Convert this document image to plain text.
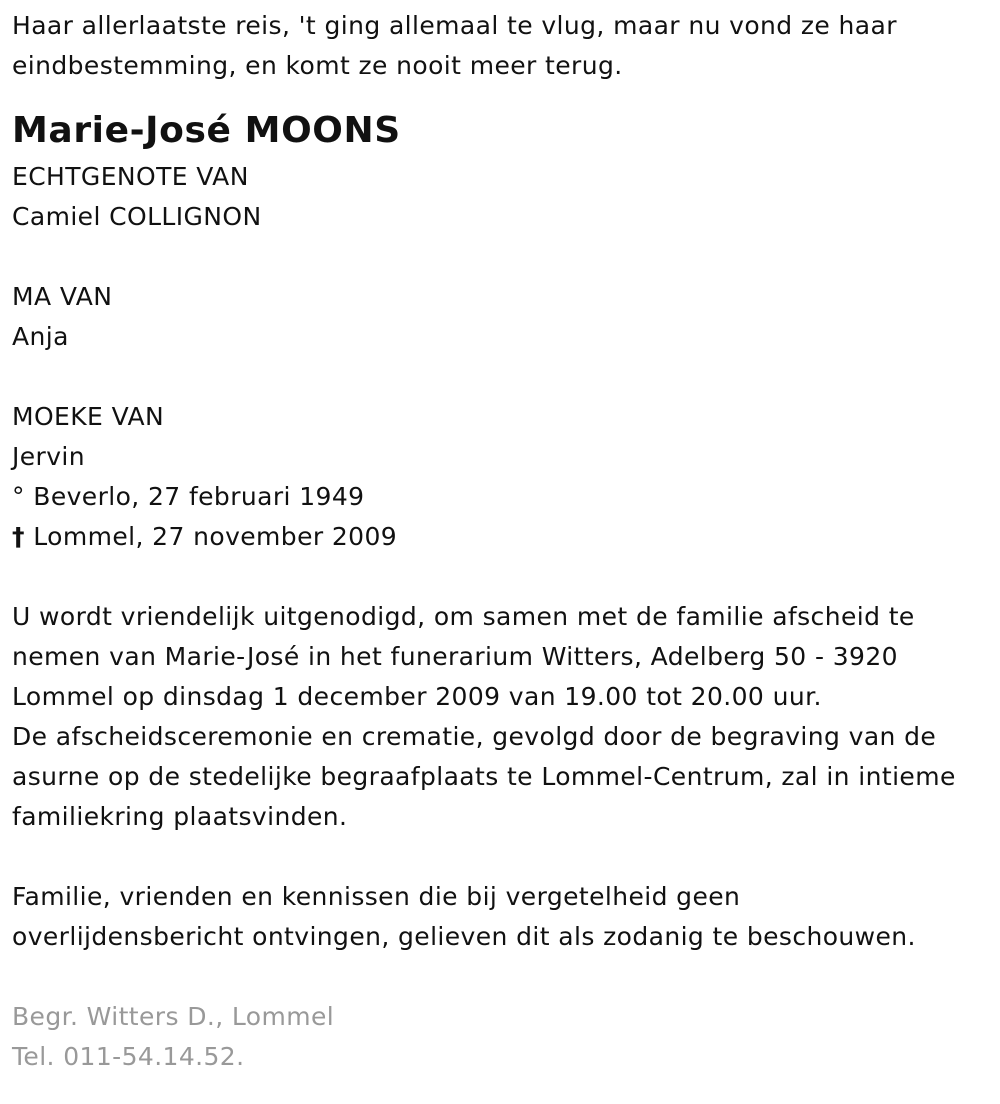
Haar allerlaatste reis, 't ging allemaal te vlug, maar nu vond ze haar
eindbestemming, en komt ze nooit meer terug.
Marie-José MOONS
ECHTGENOTE VAN
Camiel COLLIGNON
MA VAN
Anja
MOEKE VAN
Jervin
° Beverlo, 27 februari 1949
† Lommel, 27 november 2009
U wordt vriendelijk uitgenodigd, om samen met de familie afscheid te
nemen van Marie-José in het funerarium Witters, Adelberg 50 - 3920
Lommel op dinsdag 1 december 2009 van 19.00 tot 20.00 uur.
De afscheidsceremonie en crematie, gevolgd door de begraving van de
asurne op de stedelijke begraafplaats te Lommel-Centrum, zal in intieme
familiekring plaatsvinden.
Familie, vrienden en kennissen die bij vergetelheid geen
overlijdensbericht ontvingen, gelieven dit als zodanig te beschouwen.
Begr. Witters D., Lommel
Tel. 011-54.14.52.
